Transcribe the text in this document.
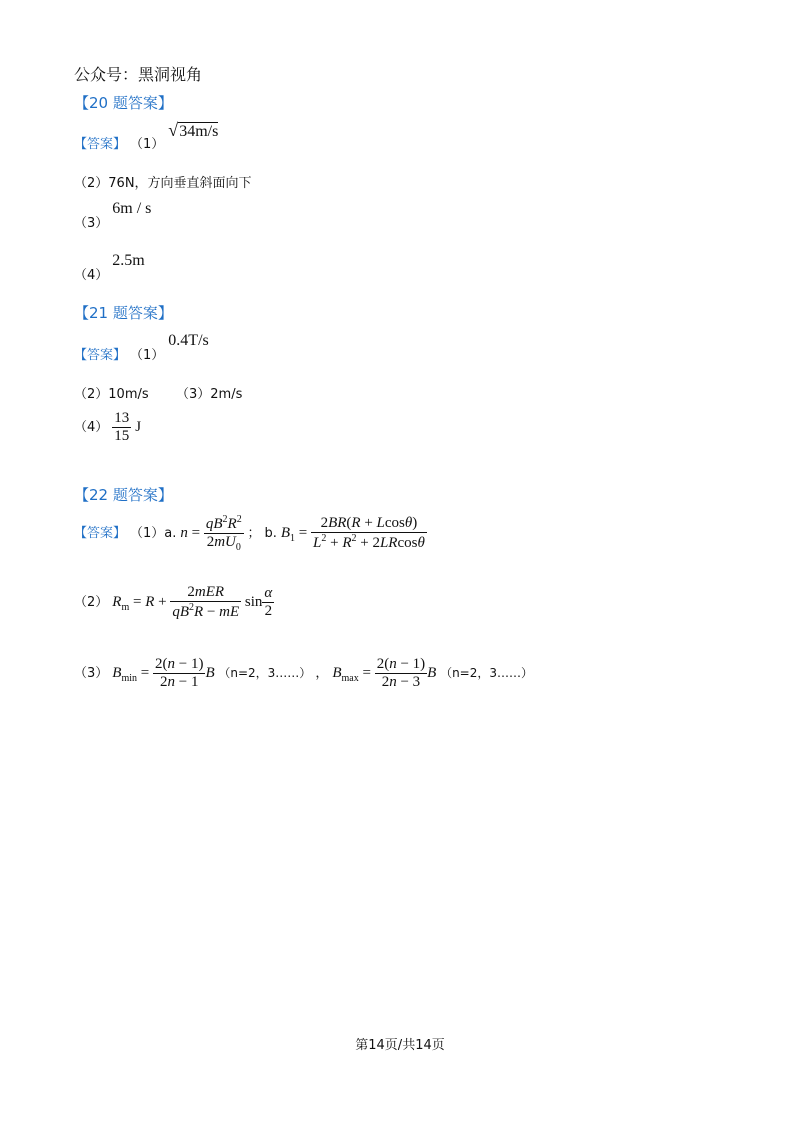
公众号：黑洞视角
【20 题答案】
$_{【答案】}$ $_{(1)}$ √34m/s
（2）76N，方向垂直斜面向下
$_{(3)}$ 6m / s
$_{(4)}$ 2.5m
【21 题答案】
$_{【答案】}$ $_{(1)}$ 0.4T/s
（2）10m/s （3）2m/s
$(4) \frac{13}{15}$ J
【22 题答案】
【答案】 （1）a. $n = \frac{qB^2R^2}{2mU_0}$ ； b. $B_1 = \frac{2BR(R + Lcos\theta)}{L^2 + R^2 + 2LRcos\theta}$
（2） $R_m = R + \frac{\text{2mER}}{qB^2R - mE}$ $\sin \frac{\alpha}{2}$
（3） $B_{min} = \frac{2(n - 1)}{2n - 1}$ B （n=2，3……） ， $B_{max} = \frac{2(n - 1)}{2n - 3}$ B （n=2，3……）
第14页/共14页
